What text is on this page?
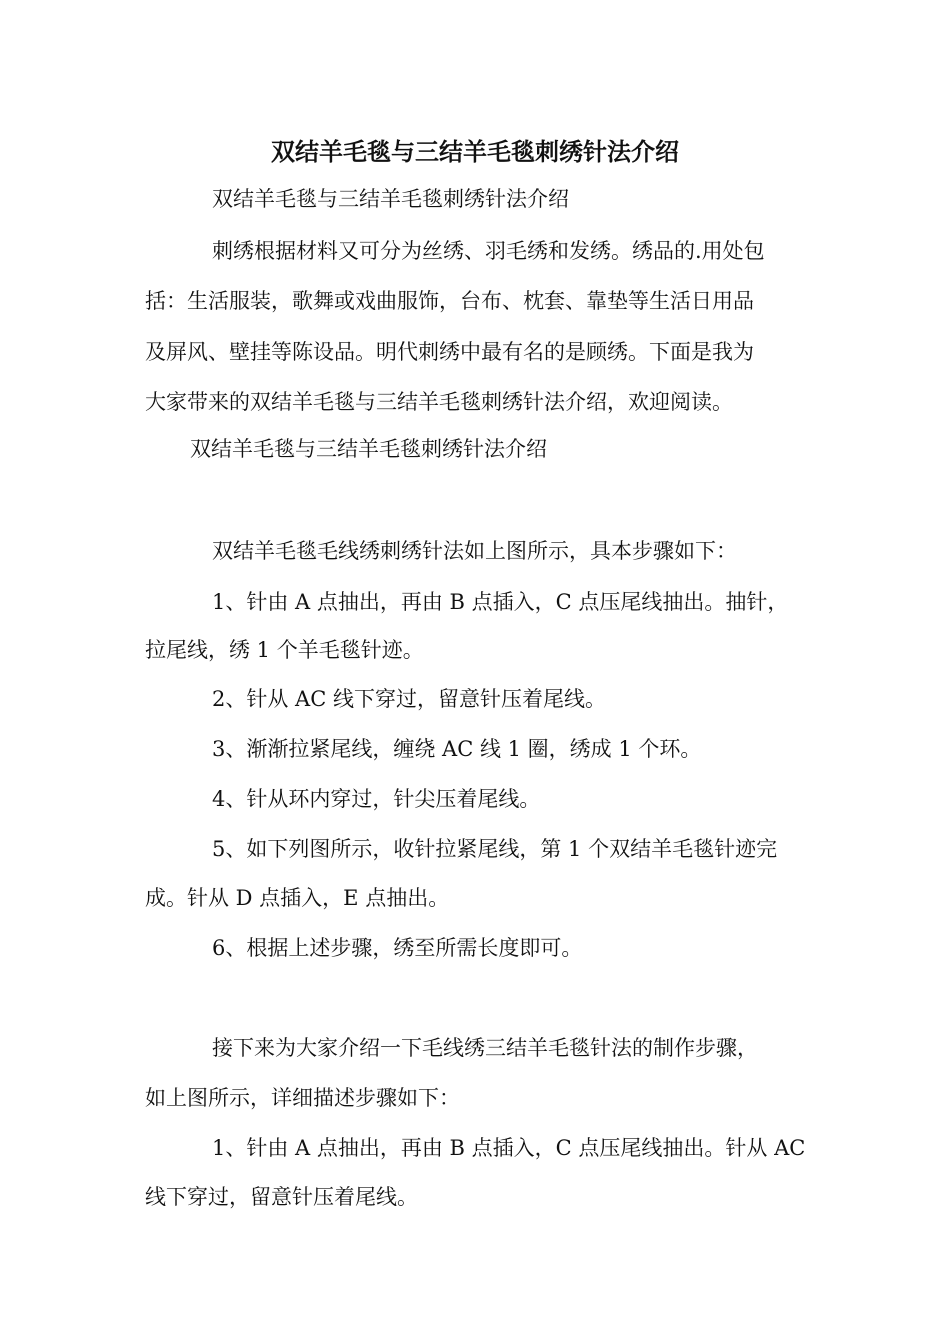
双结羊毛毯与三结羊毛毯刺绣针法介绍
双结羊毛毯与三结羊毛毯刺绣针法介绍
刺绣根据材料又可分为丝绣、羽毛绣和发绣。绣品的.用处包
括：生活服装，歌舞或戏曲服饰，台布、枕套、靠垫等生活日用品
及屏风、壁挂等陈设品。明代刺绣中最有名的是顾绣。下面是我为
大家带来的双结羊毛毯与三结羊毛毯刺绣针法介绍，欢迎阅读。
双结羊毛毯与三结羊毛毯刺绣针法介绍
双结羊毛毯毛线绣刺绣针法如上图所示，具本步骤如下：
1、针由 A 点抽出，再由 B 点插入，C 点压尾线抽出。抽针，
拉尾线，绣 1 个羊毛毯针迹。
2、针从 AC 线下穿过，留意针压着尾线。
3、渐渐拉紧尾线，缠绕 AC 线 1 圈，绣成 1 个环。
4、针从环内穿过，针尖压着尾线。
5、如下列图所示，收针拉紧尾线，第 1 个双结羊毛毯针迹完
成。针从 D 点插入，E 点抽出。
6、根据上述步骤，绣至所需长度即可。
接下来为大家介绍一下毛线绣三结羊毛毯针法的制作步骤，
如上图所示，详细描述步骤如下：
1、针由 A 点抽出，再由 B 点插入，C 点压尾线抽出。针从 AC
线下穿过，留意针压着尾线。
